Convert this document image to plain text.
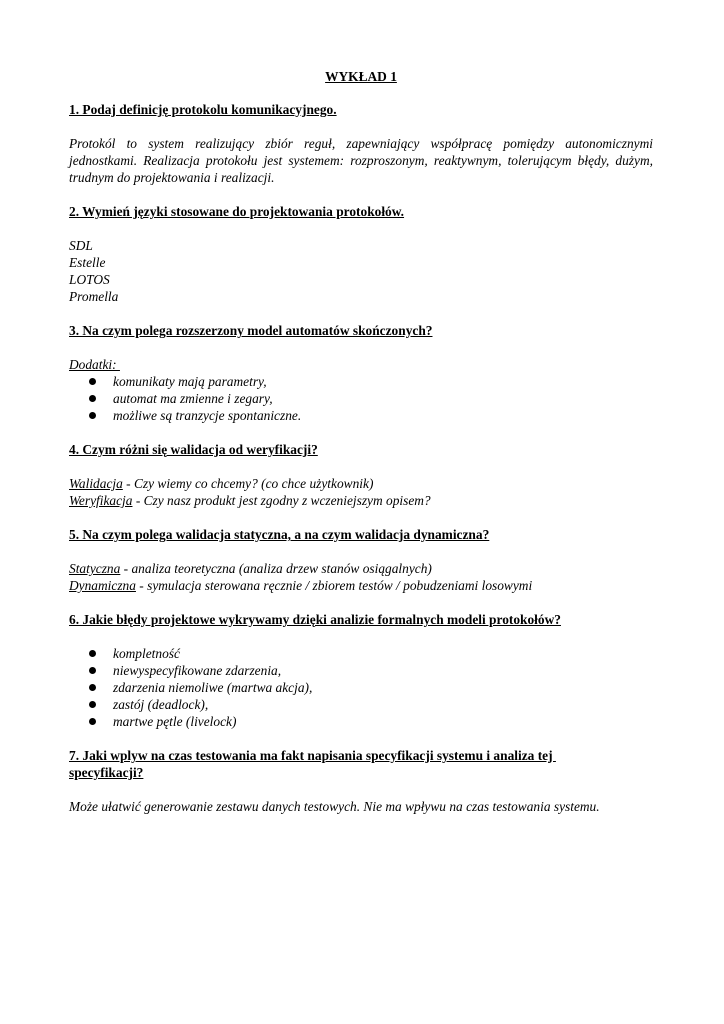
WYKŁAD 1
1. Podaj definicję protokolu komunikacyjnego.
Protokól to system realizujący zbiór reguł, zapewniający współpracę pomiędzy autonomicznymi jednostkami. Realizacja protokołu jest systemem: rozproszonym, reaktywnym, tolerującym błędy, dużym, trudnym do projektowania i realizacji.
2. Wymień języki stosowane do projektowania protokołów.
SDL
Estelle
LOTOS
Promella
3. Na czym polega rozszerzony model automatów skończonych?
Dodatki:
komunikaty mają parametry,
automat ma zmienne i zegary,
możliwe są tranzycje spontaniczne.
4. Czym różni się walidacja od weryfikacji?
Walidacja - Czy wiemy co chcemy? (co chce użytkownik)
Weryfikacja - Czy nasz produkt jest zgodny z wczeniejszym opisem?
5. Na czym polega walidacja statyczna, a na czym walidacja dynamiczna?
Statyczna - analiza teoretyczna (analiza drzew stanów osiągalnych)
Dynamiczna - symulacja sterowana ręcznie / zbiorem testów / pobudzeniami losowymi
6. Jakie błędy projektowe wykrywamy dzięki analizie formalnych modeli protokołów?
kompletność
niewyspecyfikowane zdarzenia,
zdarzenia niemoliwe (martwa akcja),
zastój (deadlock),
martwe pętle (livelock)
7. Jaki wplyw na czas testowania ma fakt napisania specyfikacji systemu i analiza tej
specyfikacji?
Może ułatwić generowanie zestawu danych testowych. Nie ma wpływu na czas testowania systemu.
